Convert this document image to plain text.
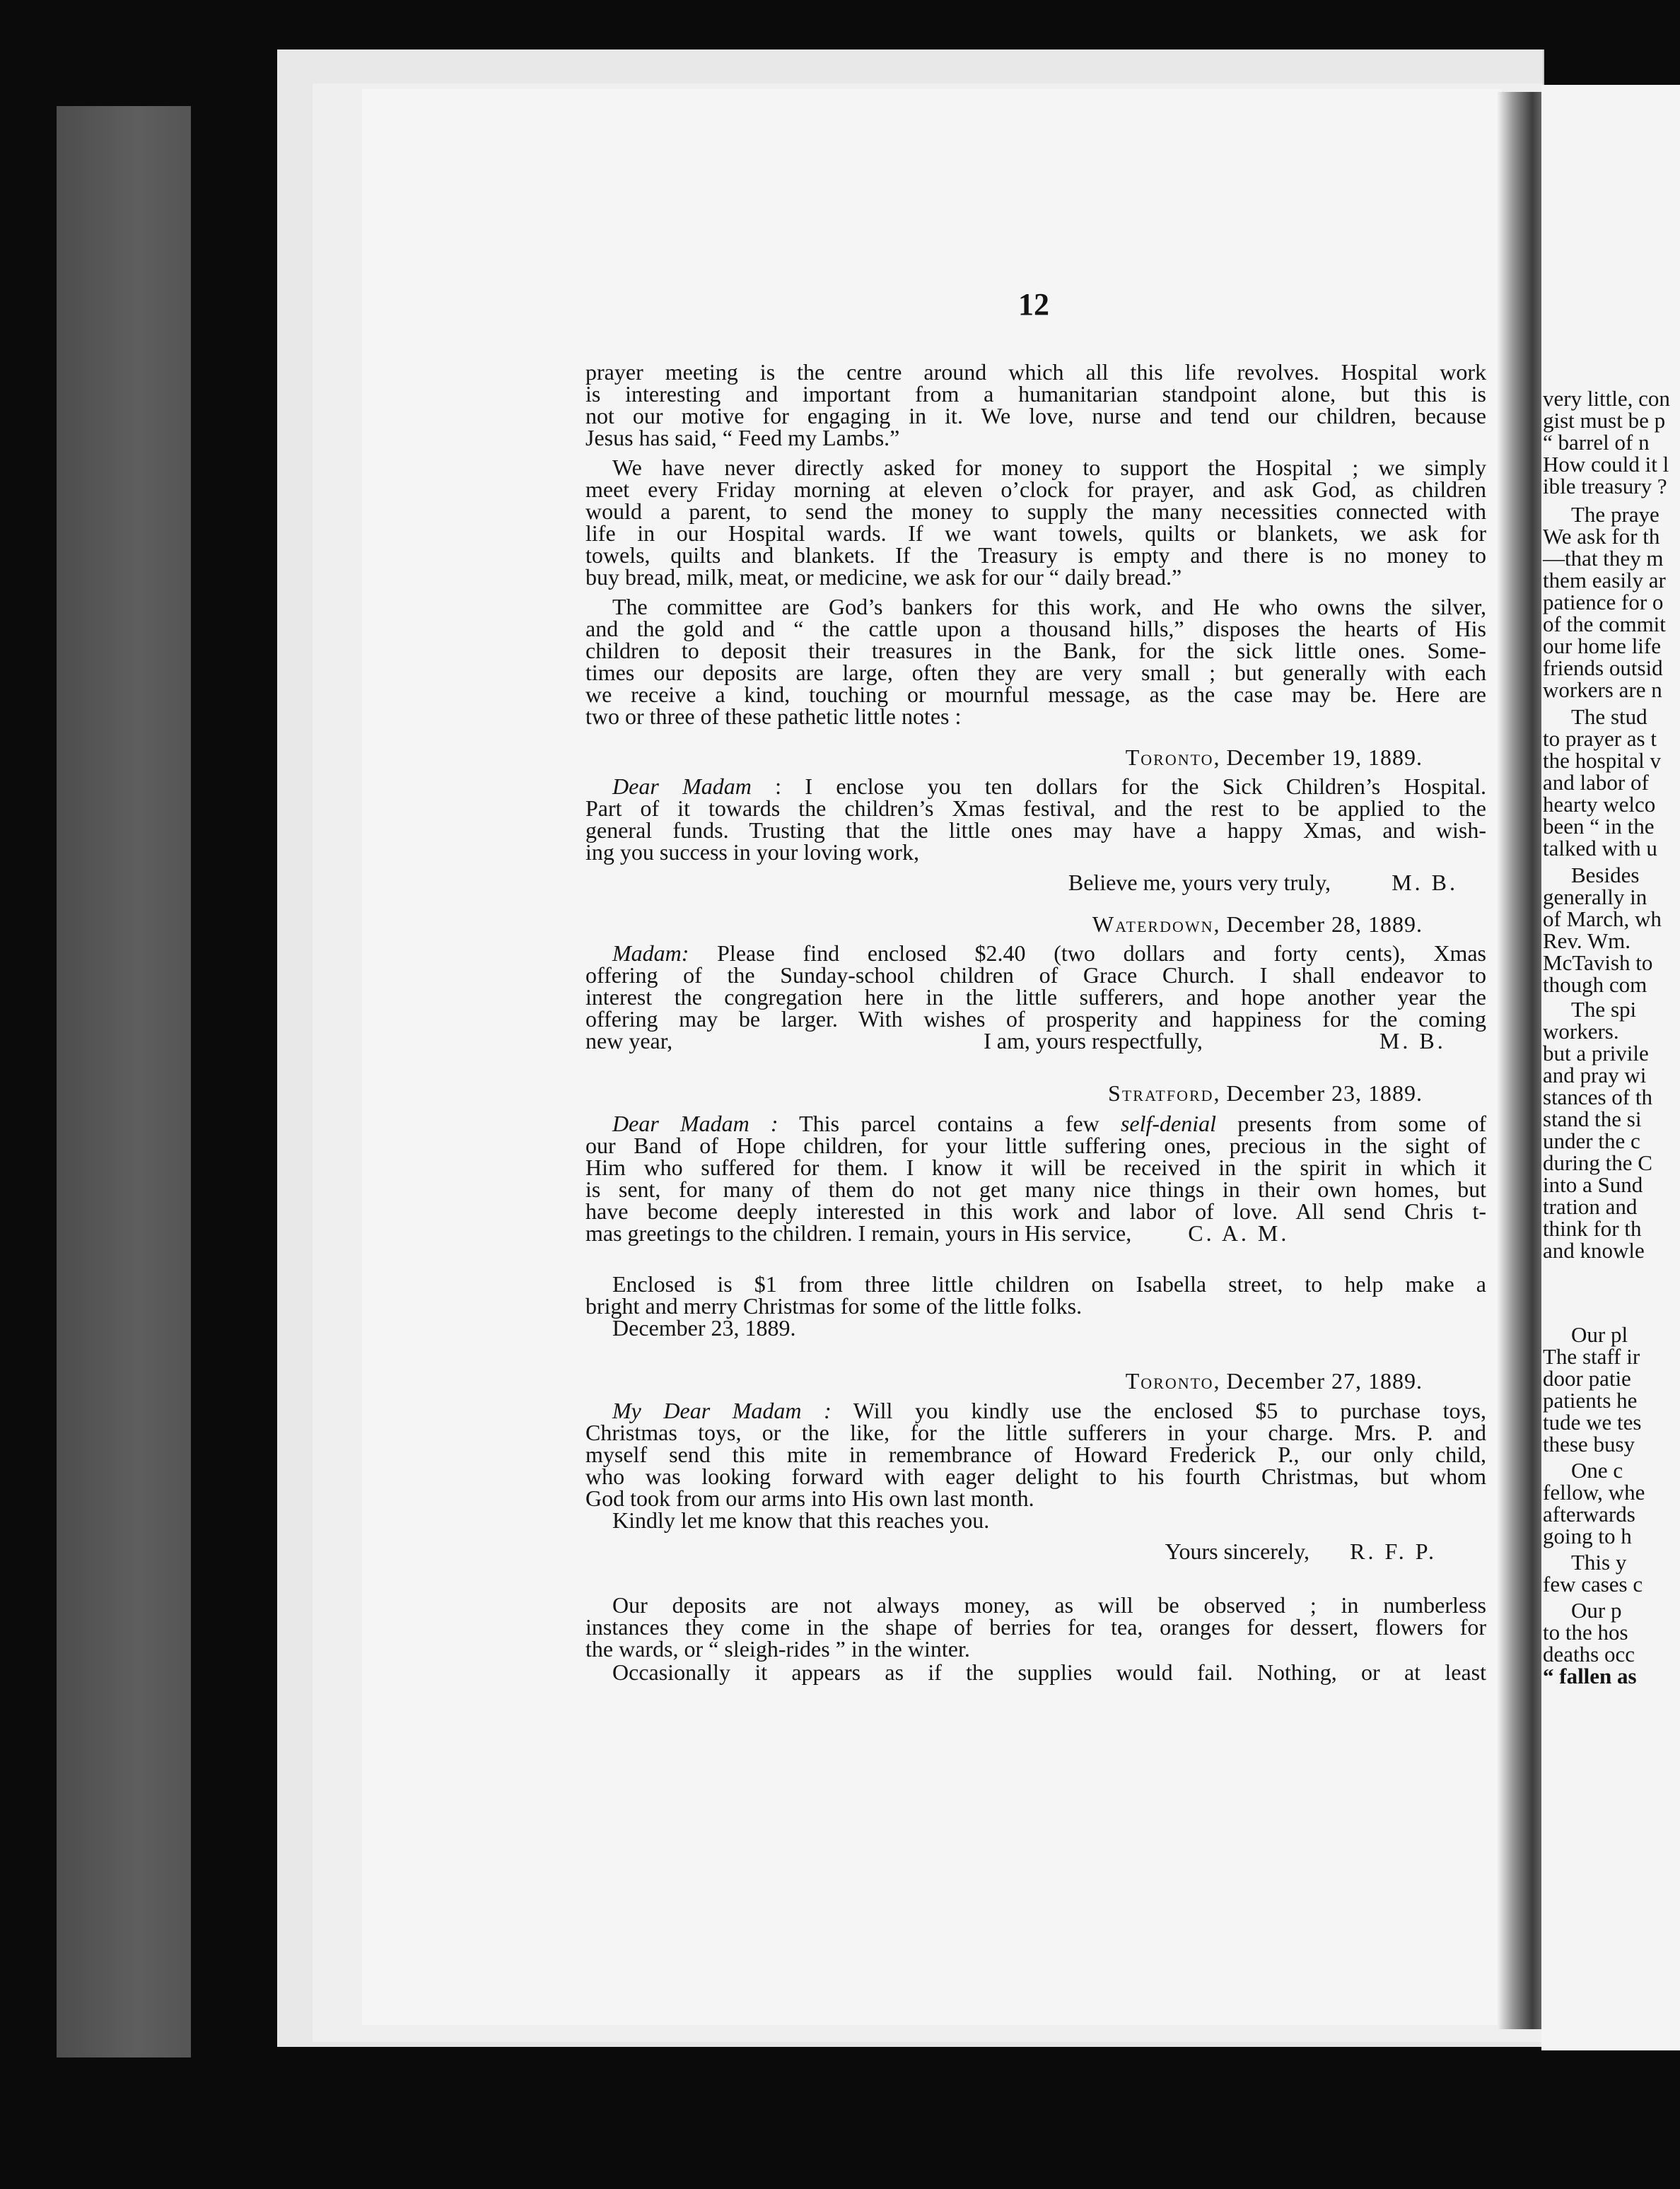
12

prayer meeting is the centre around which all this life revolves. Hospital work

is interesting and important from a humanitarian standpoint alone, but this is

not our motive for engaging in it. We love, nurse and tend our children, because

Jesus has said, “ Feed my Lambs.”

We have never directly asked for money to support the Hospital ; we simply

meet every Friday morning at eleven o’clock for prayer, and ask God, as children

would a parent, to send the money to supply the many necessities connected with

life in our Hospital wards. If we want towels, quilts or blankets, we ask for

towels, quilts and blankets. If the Treasury is empty and there is no money to

buy bread, milk, meat, or medicine, we ask for our “ daily bread.”

The committee are God’s bankers for this work, and He who owns the silver,

and the gold and “ the cattle upon a thousand hills,” disposes the hearts of His

children to deposit their treasures in the Bank, for the sick little ones. Some-

times our deposits are large, often they are very small ; but generally with each

we receive a kind, touching or mournful message, as the case may be. Here are

two or three of these pathetic little notes :

Toronto, December 19, 1889.

Dear Madam : I enclose you ten dollars for the Sick Children’s Hospital.

Part of it towards the children’s Xmas festival, and the rest to be applied to the

general funds. Trusting that the little ones may have a happy Xmas, and wish-

ing you success in your loving work,

Believe me, yours very truly,	M. B.

Waterdown, December 28, 1889.

Madam: Please find enclosed $2.40 (two dollars and forty cents), Xmas

offering of the Sunday-school children of Grace Church. I shall endeavor to

interest the congregation here in the little sufferers, and hope another year the

offering may be larger. With wishes of prosperity and happiness for the coming

new year,	I am, yours respectfully,	M. B.

Stratford, December 23, 1889.

Dear Madam : This parcel contains a few self-denial presents from some of

our Band of Hope children, for your little suffering ones, precious in the sight of

Him who suffered for them. I know it will be received in the spirit in which it

is sent, for many of them do not get many nice things in their own homes, but

have become deeply interested in this work and labor of love. All send Chris t-

mas greetings to the children. I remain, yours in His service,	C. A. M.

Enclosed is $1 from three little children on Isabella street, to help make a

bright and merry Christmas for some of the little folks.

December 23, 1889.

Toronto, December 27, 1889.

My Dear Madam : Will you kindly use the enclosed $5 to purchase toys,

Christmas toys, or the like, for the little sufferers in your charge. Mrs. P. and

myself send this mite in remembrance of Howard Frederick P., our only child,

who was looking forward with eager delight to his fourth Christmas, but whom

God took from our arms into His own last month.

Kindly let me know that this reaches you.

Yours sincerely, R. F. P.

Our deposits are not always money, as will be observed ; in numberless

instances they come in the shape of berries for tea, oranges for dessert, flowers for

the wards, or “ sleigh-rides ” in the winter.

Occasionally it appears as if the supplies would fail. Nothing, or at least

very little, con

gist must be p

“ barrel of n

How could it l

ible treasury ?

The praye

We ask for th

—that they m

them easily ar

patience for o

of the commit

our home life

friends outsid

workers are n

The stud

to prayer as t

the hospital v

and labor of

hearty welco

been “ in the

talked with u

Besides

generally in

of March, wh

Rev. Wm.

McTavish to

though com

The spi

workers.

but a privile

and pray wi

stances of th

stand the si

under the c

during the C

into a Sund

tration and

think for th

and knowle

Our pl

The staff ir

door patie

patients he

tude we tes

these busy

One c

fellow, whe

afterwards

going to h

This y

few cases c

Our p

to the hos

deaths occ

“ fallen as
